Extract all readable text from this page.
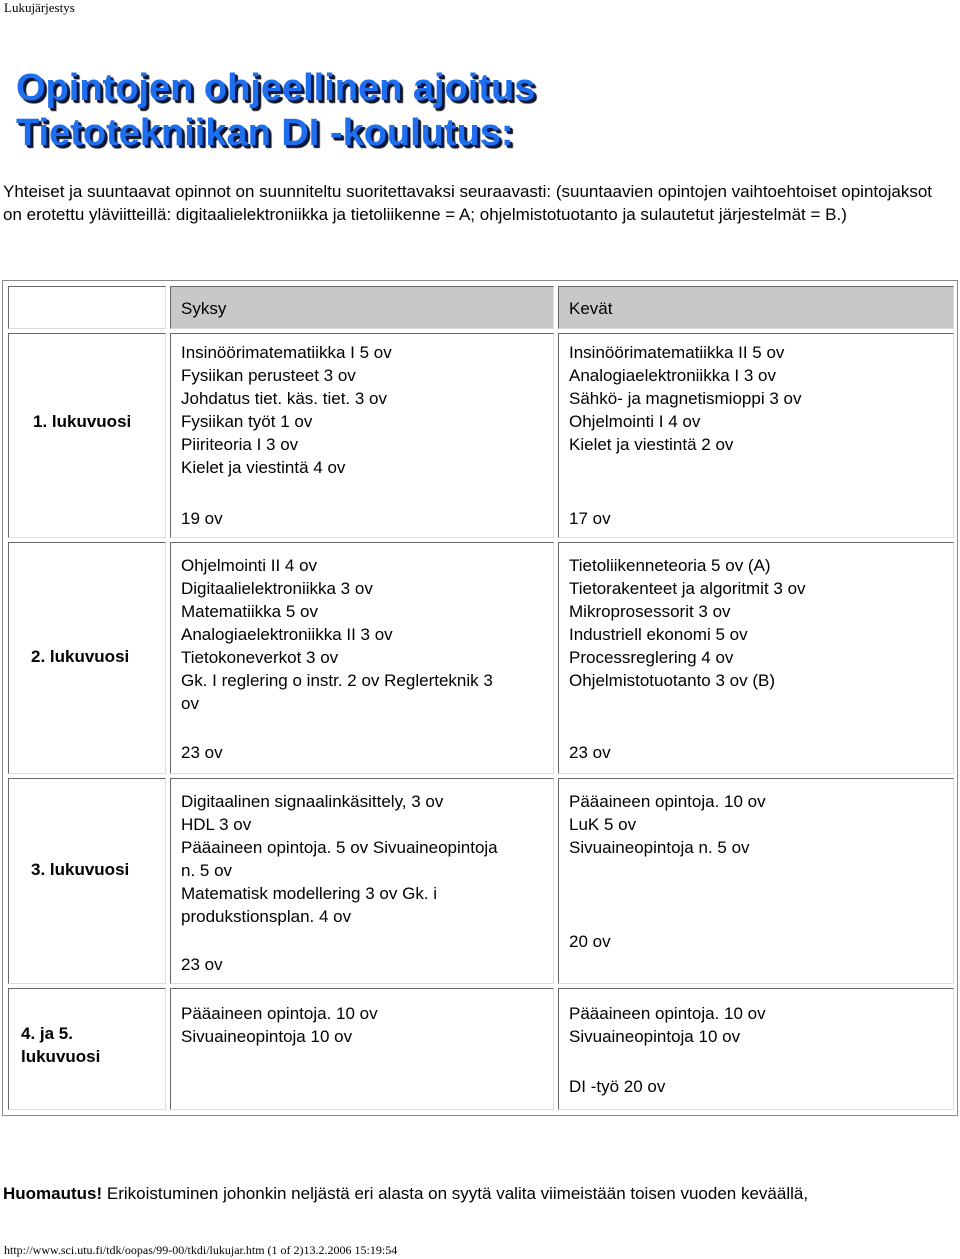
Lukujärjestys
Opintojen ohjeellinen ajoitus
Tietotekniikan DI -koulutus:
Yhteiset ja suuntaavat opinnot on suunniteltu suoritettavaksi seuraavasti: (suuntaavien opintojen vaihtoehtoiset opintojaksot on erotettu yläviitteillä: digitaalielektroniikka ja tietoliikenne = A; ohjelmistotuotanto ja sulautetut järjestelmät = B.)
Syksy	Kevät
1. lukuvuosi
Insinöörimatematiikka I 5 ov
Fysiikan perusteet 3 ov
Johdatus tiet. käs. tiet. 3 ov
Fysiikan työt 1 ov
Piiriteoria I 3 ov
Kielet ja viestintä 4 ov
19 ov
Insinöörimatematiikka II 5 ov
Analogiaelektroniikka I 3 ov
Sähkö- ja magnetismioppi 3 ov
Ohjelmointi I 4 ov
Kielet ja viestintä 2 ov
17 ov
2. lukuvuosi
Ohjelmointi II 4 ov
Digitaalielektroniikka 3 ov
Matematiikka 5 ov
Analogiaelektroniikka II 3 ov
Tietokoneverkot 3 ov
Gk. I reglering o instr. 2 ov Reglerteknik 3
ov
23 ov
Tietoliikenneteoria 5 ov (A)
Tietorakenteet ja algoritmit 3 ov
Mikroprosessorit 3 ov
Industriell ekonomi 5 ov
Processreglering 4 ov
Ohjelmistotuotanto 3 ov (B)
23 ov
3. lukuvuosi
Digitaalinen signaalinkäsittely, 3 ov
HDL 3 ov
Pääaineen opintoja. 5 ov Sivuaineopintoja
n. 5 ov
Matematisk modellering 3 ov Gk. i
produkstionsplan. 4 ov
23 ov
Pääaineen opintoja. 10 ov
LuK 5 ov
Sivuaineopintoja n. 5 ov
20 ov
4. ja 5.
lukuvuosi
Pääaineen opintoja. 10 ov
Sivuaineopintoja 10 ov
Pääaineen opintoja. 10 ov
Sivuaineopintoja 10 ov
DI -työ 20 ov
Huomautus! Erikoistuminen johonkin neljästä eri alasta on syytä valita viimeistään toisen vuoden keväällä,
http://www.sci.utu.fi/tdk/oopas/99-00/tkdi/lukujar.htm (1 of 2)13.2.2006 15:19:54
